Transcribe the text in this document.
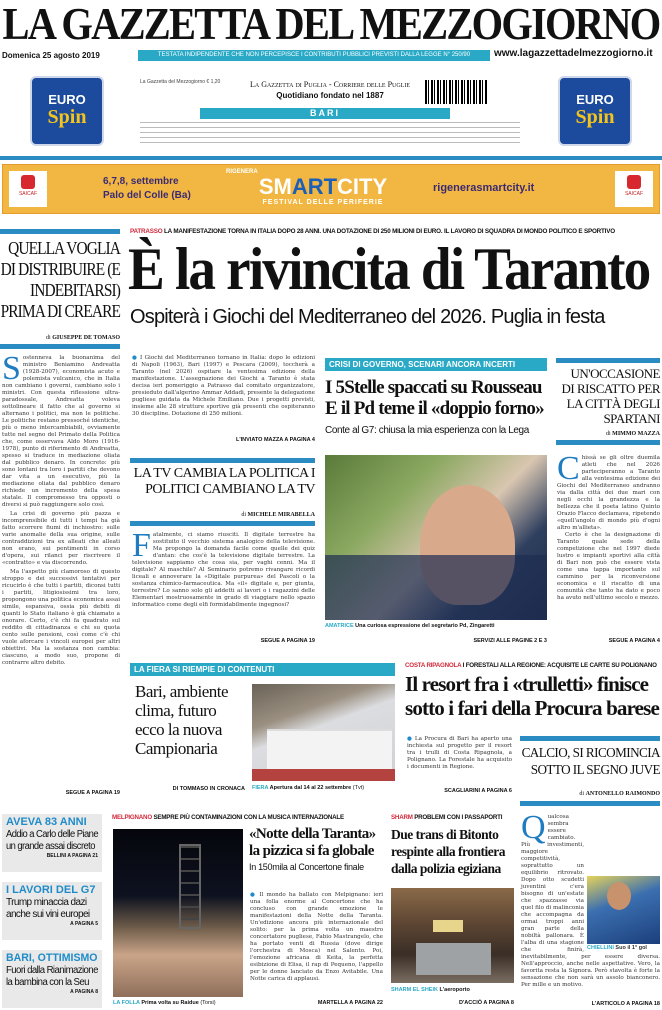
LA GAZZETTA DEL MEZZOGIORNO
Domenica 25 agosto 2019	TESTATA INDIPENDENTE CHE NON PERCEPISCE I CONTRIBUTI PUBBLICI PREVISTI DALLA LEGGE N° 250/90	www.lagazzettadelmezzogiorno.it
EURO
Spin
EURO
Spin
La Gazzetta del Mezzogiorno € 1,20	La Gazzetta di Puglia - Corriere delle Puglie
Quotidiano fondato nel 1887
BARI
SAICAF
6,7,8, settembre
Palo del Colle (Ba)
RIGENERA
SMARTCITY
FESTIVAL DELLE PERIFERIE
rigenerasmartcity.it	SAICAF
QUELLA VOGLIA DI DISTRIBUIRE (E INDEBITARSI) PRIMA DI CREARE
di GIUSEPPE DE TOMASO
Sostenneva la buonanima del ministro Beniamino Andreatta (1928-2007), economista acuto e polemista vulcanico, che in Italia non cambiano i governi, cambiano solo i ministri. Con questa riflessione ultra-paradossale, Andreatta voleva sottolineare il fatto che al governo si alternano i politici, ma non le politiche. Le politiche restano pressoché identiche, più o meno intercambiabili, ovviamente tutte nel segno del Primato della Politica che, come osservava Aldo Moro (1916-1978), punto di riferimento di Andreatta, spesso si traduce in mediazione oliata dal pubblico denaro. In concreto: più sono lontani tra loro i partiti che devono dar vita a un esecutivo, più la mediazione oliata dal pubblico denaro richiede un incremento della spesa statale. Il compromesso tra opposti o diversi si può raggiungere solo così.

La crisi di governo più pazza e incomprensibile di tutti i tempi ha già fatto scorrere fiumi di inchiostro: sulle varie anomalie della sua origine, sulle contraddizioni tra ex alleati che alleati non erano, sui pentimenti in corso d'opera, sui rilanci per riscrivere il «contratto» e via discorrendo.

Ma l'aspetto più clamoroso di questo stroppo e dei successivi tentativi per ricucirlo è che tutti i partiti, diconsi tutti i partiti, litigiosissimi tra loro, propongono una politica economica assai simile, espansiva, ossia più debiti di quanti lo Stato italiano è già chiamato a onorare. Certo, c'è chi fa quadrato sul reddito di cittadinanza e chi su quota cento sulle pensioni, così come c'è chi vuole aforcare i vincoli europei per altri obiettivi. Ma la sostanza non cambia: ciascuno, a modo suo, propone di contrarre altro debito.

SEGUE A PAGINA 19
PATRASSO LA MANIFESTAZIONE TORNA IN ITALIA DOPO 28 ANNI. UNA DOTAZIONE DI 250 MILIONI DI EURO. IL LAVORO DI SQUADRA DI MONDO POLITICO E SPORTIVO
È la rivincita di Taranto
Ospiterà i Giochi del Mediterraneo del 2026. Puglia in festa
● I Giochi del Mediterraneo tornano in Italia: dopo le edizioni di Napoli (1963), Bari (1997) e Pescara (2009), toccherà a Taranto (nel 2026) ospitare la ventesima edizione della manifestazione. L'assegnazione dei Giochi a Taranto è stata decisa ieri pomeriggio a Patrasso dal comitato organizzatore, presieduto dall'algerino Ammar Addadi, presente la delegazione pugliese guidata da Michele Emiliano. Due i progetti previsti, insieme alle 28 strutture sportive già presenti che ospiteranno 30 discipline. Dotazione di 250 milioni.
L'INVIATO MAZZA A PAGINA 4
LA TV CAMBIA LA POLITICA I POLITICI CAMBIANO LA TV
di MICHELE MIRABELLA
Fatalmente, ci siamo riusciti. Il digitale terrestre ha sostituito il vecchio sistema analogico della televisione. Ma propongo la domanda facile come quelle dei quiz d'antan: che cos'è la televisione digitale terrestre. La televisione sappiamo che cosa sia, per vaghi cenni. Ma il digitale? Al maschile? Al Seminario potremo rivangare ricordi liceali e annoverare la «Digitale purpurea» del Pascoli o la sostanza chimico-farmaceutica. Ma «il» digitale e, per giunta, terrestre? Lo sanno solo gli addetti ai lavori o i ragazzini delle Elementari mostruosamente in grado di viaggiare nello spazio informatico come degli elfi formidabilmente ingegnosi?
SEGUE A PAGINA 19
CRISI DI GOVERNO, SCENARI ANCORA INCERTI
I 5Stelle spaccati su Rousseau E il Pd teme il «doppio forno»
Conte al G7: chiusa la mia esperienza con la Lega
AMATRICE Una curiosa espressione del segretario Pd, Zingaretti
SERVIZI ALLE PAGINE 2 E 3
UN'OCCASIONE DI RISCATTO PER LA CITTÀ DEGLI SPARTANI
di MIMMO MAZZA
Chissà se gli oltre duemila atleti che nel 2026 parteciperanno a Taranto alla ventesima edizione dei Giochi del Mediterraneo andranno via dalla città dei due mari con negli occhi la grandezza e la bellezza che il poeta latino Quinto Orazio Flacco declamava, ripetendo «quell'angolo di mondo più d'ogni altro m'allieta».

Certo è che la designazione di Taranto quale sede della competizione che nel 1997 diede lustro e impianti sportivi alla città di Bari non può che essere vista come una tappa importante sul cammino per la riconversione economica e il riscatto di una comunità che tanto ha dato e poco ha avuto nell'ultimo secolo e mezzo.

SEGUE A PAGINA 4
LA FIERA SI RIEMPIE DI CONTENUTI
Bari, ambiente clima, futuro ecco la nuova Campionaria
DI TOMMASO IN CRONACA FIERA Apertura dal 14 al 22 settembre (Tvt)
COSTA RIPAGNOLA I FORESTALI ALLA REGIONE: ACQUISITE LE CARTE SU POLIGNANO
Il resort fra i «trulletti» finisce sotto i fari della Procura barese
● La Procura di Bari ha aperto una inchiesta sul progetto per il resort tra i trulli di Costa Ripagnola, a Polignano. La Forestale ha acquisito i documenti in Regione.
SCAGLIARINI A PAGINA 6
CALCIO, SI RICOMINCIA SOTTO IL SEGNO JUVE
di ANTONELLO RAIMONDO
CHIELLINI Suo il 1° gol
Q ualcosa sembra essere cambiato. Più investimenti, maggiore competitività, soprattutto un equilibrio ritrovato. Dopo otto scudetti juventini c'era bisogno di un'estate che spazzasse via quel filo di malinconia che accompagna da ormai troppi anni gran parte della nobiltà pallonara. È l'alba di una stagione che finirà, inevitabilmente, per essere diversa. Nell'approccio, anche nelle aspettative. Vero, la favorita resta la Signora. Però stavolta è forte la sensazione che non sarà un assolo bianconero. Per mille e un motivo.
L'ARTICOLO A PAGINA 18
AVEVA 83 ANNI
Addio a Carlo delle Piane un grande assai discreto
BELLINI A PAGINA 21
I LAVORI DEL G7
Trump minaccia dazi anche sui vini europei
A PAGINA 5
BARI, OTTIMISMO
Fuori dalla Rianimazione la bambina con la Seu
A PAGINA 8
MELPIGNANO SEMPRE PIÙ CONTAMINAZIONI CON LA MUSICA INTERNAZIONALE
LA FOLLA Prima volta su Raidue (Torsi)
«Notte della Taranta» la pizzica si fa globale
In 150mila al Concertone finale
● Il mondo ha ballato con Melpignano: ieri una folla enorme al Concertone che ha concluso con grande emozione le manifestazioni della Notte della Taranta. Un'edizione ancora più internazionale del solito: per la prima volta un maestro concertatore pugliese, Fabio Mastrangelo, che ha portato venti di Russia (dove dirige l'orchestra di Mosca) nel Salento. Poi, l'emozione africana di Keita, la perfetta esibizione di Elisa, il rap di Pequeno, l'appello per le donne lanciato da Enzo Avitabile. Una Notte carica di applausi.
MARTELLA A PAGINA 22
SHARM PROBLEMI CON I PASSAPORTI
Due trans di Bitonto respinte alla frontiera dalla polizia egiziana
SHARM EL SHEIK L'aeroporto
D'ACCIÒ A PAGINA 8
